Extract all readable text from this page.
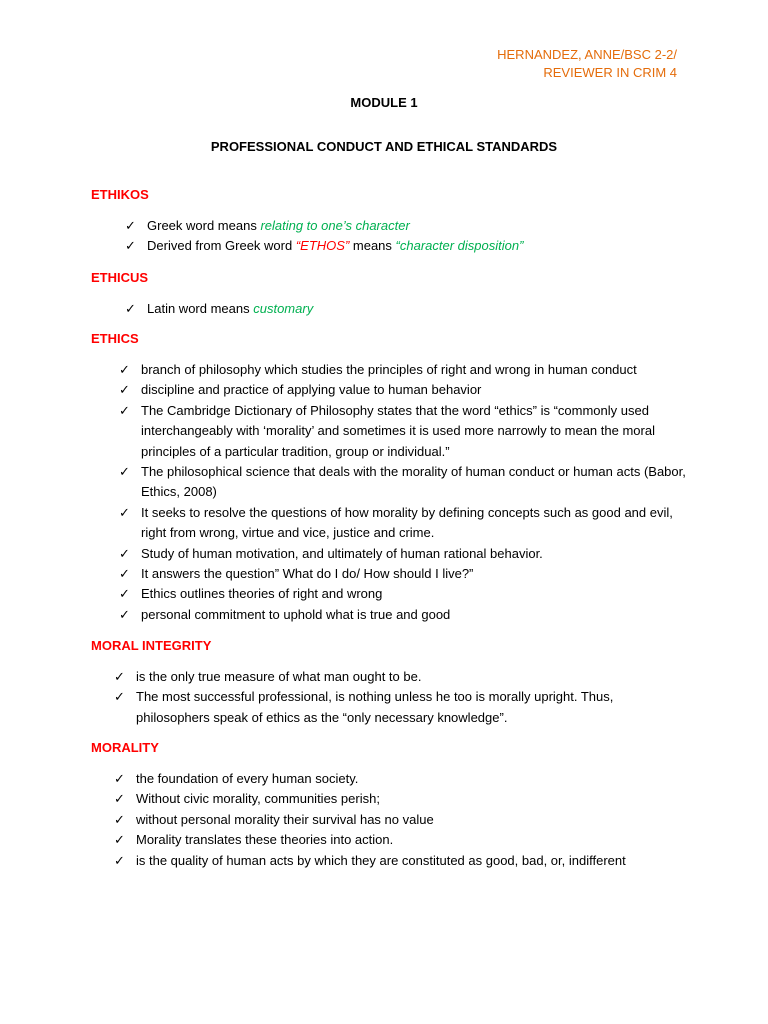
HERNANDEZ, ANNE/BSC 2-2/
REVIEWER IN CRIM 4
MODULE 1
PROFESSIONAL CONDUCT AND ETHICAL STANDARDS
ETHIKOS
✓ Greek word means relating to one’s character
✓ Derived from Greek word “ETHOS” means “character disposition”
ETHICUS
✓ Latin word means customary
ETHICS
✓ branch of philosophy which studies the principles of right and wrong in human conduct
✓ discipline and practice of applying value to human behavior
✓ The Cambridge Dictionary of Philosophy states that the word “ethics” is “commonly used interchangeably with ‘morality’ and sometimes it is used more narrowly to mean the moral principles of a particular tradition, group or individual.”
✓ The philosophical science that deals with the morality of human conduct or human acts (Babor, Ethics, 2008)
✓ It seeks to resolve the questions of how morality by defining concepts such as good and evil, right from wrong, virtue and vice, justice and crime.
✓ Study of human motivation, and ultimately of human rational behavior.
✓ It answers the question” What do I do/ How should I live?”
✓ Ethics outlines theories of right and wrong
✓ personal commitment to uphold what is true and good
MORAL INTEGRITY
✓ is the only true measure of what man ought to be.
✓ The most successful professional, is nothing unless he too is morally upright. Thus, philosophers speak of ethics as the “only necessary knowledge”.
MORALITY
✓ the foundation of every human society.
✓ Without civic morality, communities perish;
✓ without personal morality their survival has no value
✓ Morality translates these theories into action.
✓ is the quality of human acts by which they are constituted as good, bad, or, indifferent
